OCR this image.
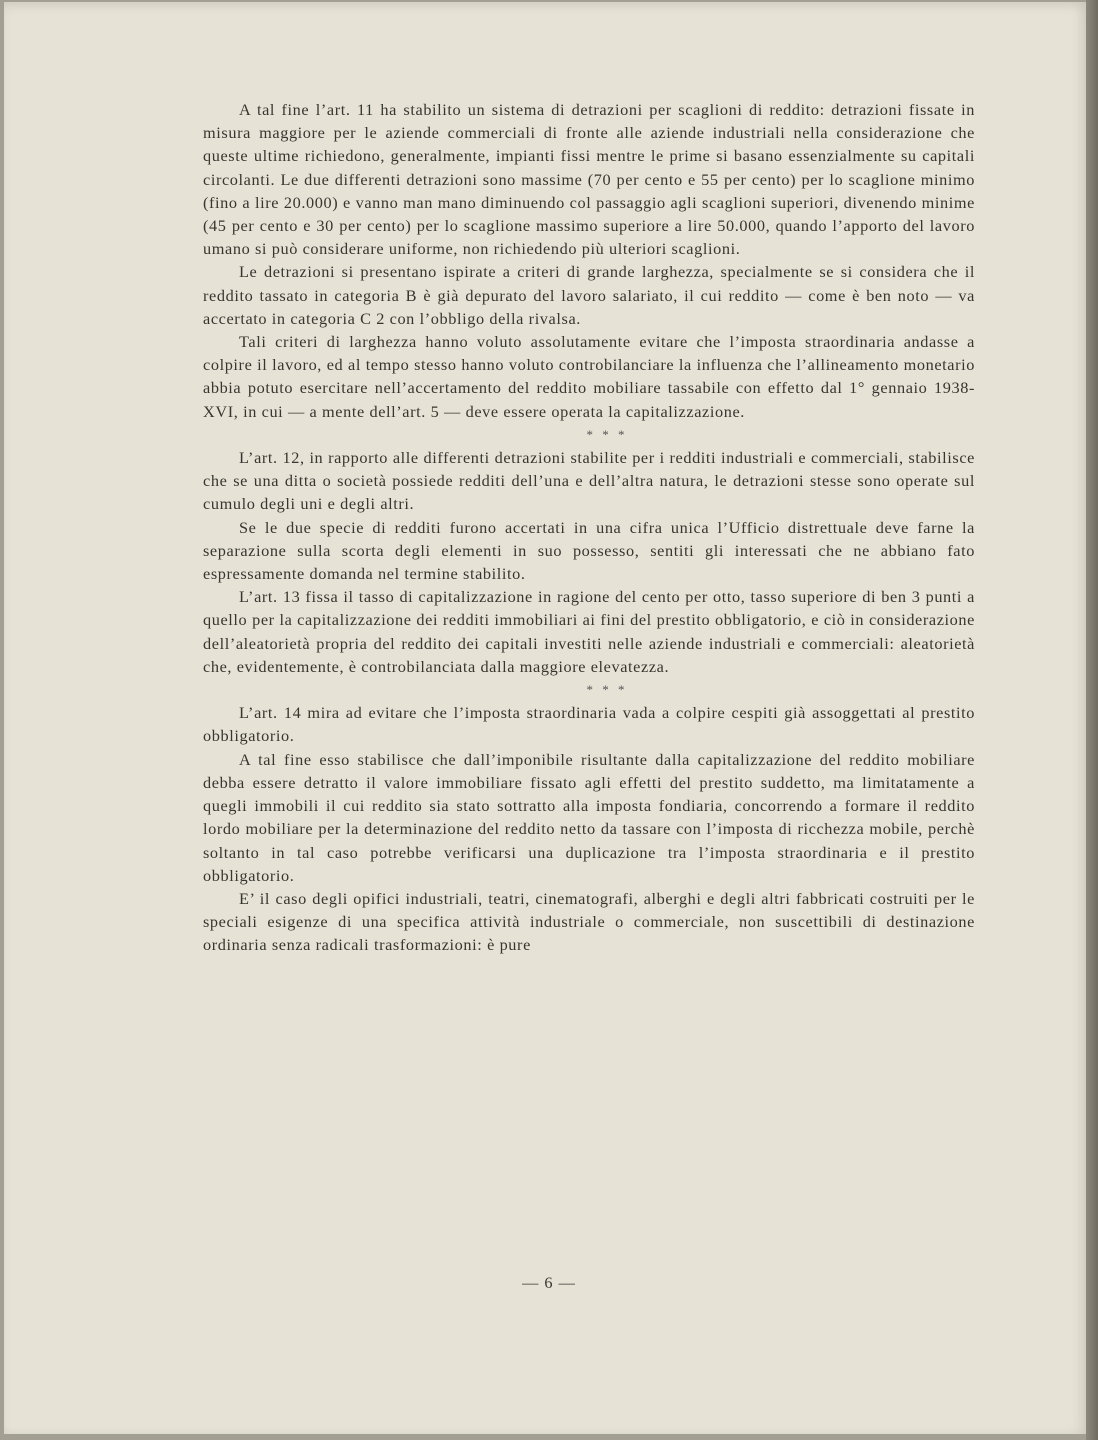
A tal fine l’art. 11 ha stabilito un sistema di detrazioni per scaglioni di reddito: detrazioni fissate in misura maggiore per le aziende commerciali di fronte alle aziende industriali nella considerazione che queste ultime richiedono, generalmente, impianti fissi mentre le prime si basano essenzialmente su capitali circolanti. Le due differenti detrazioni sono massime (70 per cento e 55 per cento) per lo scaglione minimo (fino a lire 20.000) e vanno man mano diminuendo col passaggio agli scaglioni superiori, divenendo minime (45 per cento e 30 per cento) per lo scaglione massimo superiore a lire 50.000, quando l’apporto del lavoro umano si può considerare uniforme, non richiedendo più ulteriori scaglioni.

Le detrazioni si presentano ispirate a criteri di grande larghezza, specialmente se si considera che il reddito tassato in categoria B è già depurato del lavoro salariato, il cui reddito — come è ben noto — va accertato in categoria C 2 con l’obbligo della rivalsa.

Tali criteri di larghezza hanno voluto assolutamente evitare che l’imposta straordinaria andasse a colpire il lavoro, ed al tempo stesso hanno voluto controbilanciare la influenza che l’allineamento monetario abbia potuto esercitare nell’accertamento del reddito mobiliare tassabile con effetto dal 1° gennaio 1938-XVI, in cui — a mente dell’art. 5 — deve essere operata la capitalizzazione.

* * *

L’art. 12, in rapporto alle differenti detrazioni stabilite per i redditi industriali e commerciali, stabilisce che se una ditta o società possiede redditi dell’una e dell’altra natura, le detrazioni stesse sono operate sul cumulo degli uni e degli altri.

Se le due specie di redditi furono accertati in una cifra unica l’Ufficio distrettuale deve farne la separazione sulla scorta degli elementi in suo possesso, sentiti gli interessati che ne abbiano fato espressamente domanda nel termine stabilito.

L’art. 13 fissa il tasso di capitalizzazione in ragione del cento per otto, tasso superiore di ben 3 punti a quello per la capitalizzazione dei redditi immobiliari ai fini del prestito obbligatorio, e ciò in considerazione dell’aleatorietà propria del reddito dei capitali investiti nelle aziende industriali e commerciali: aleatorietà che, evidentemente, è controbilanciata dalla maggiore elevatezza.

* * *

L’art. 14 mira ad evitare che l’imposta straordinaria vada a colpire cespiti già assoggettati al prestito obbligatorio.

A tal fine esso stabilisce che dall’imponibile risultante dalla capitalizzazione del reddito mobiliare debba essere detratto il valore immobiliare fissato agli effetti del prestito suddetto, ma limitatamente a quegli immobili il cui reddito sia stato sottratto alla imposta fondiaria, concorrendo a formare il reddito lordo mobiliare per la determinazione del reddito netto da tassare con l’imposta di ricchezza mobile, perchè soltanto in tal caso potrebbe verificarsi una duplicazione tra l’imposta straordinaria e il prestito obbligatorio.

E’ il caso degli opifici industriali, teatri, cinematografi, alberghi e degli altri fabbricati costruiti per le speciali esigenze di una specifica attività industriale o commerciale, non suscettibili di destinazione ordinaria senza radicali trasformazioni: è pure

— 6 —
